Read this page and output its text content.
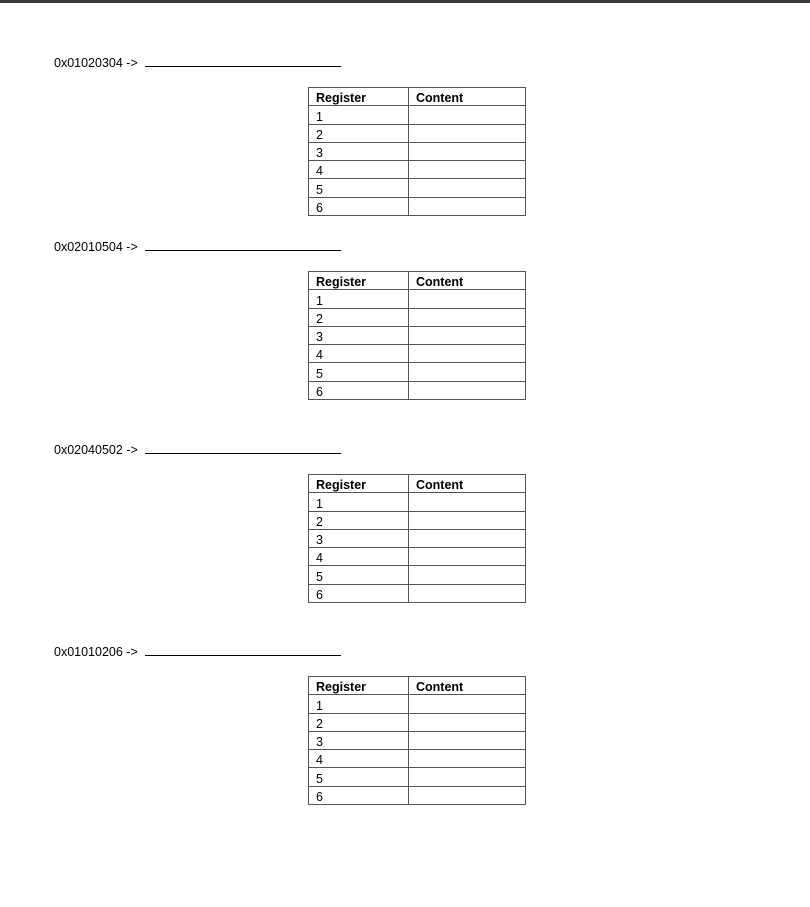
0x01020304 ->
Register	Content
1	
2	
3	
4	
5	
6	
0x02010504 ->
Register	Content
1	
2	
3	
4	
5	
6	
0x02040502 ->
Register	Content
1	
2	
3	
4	
5	
6	
0x01010206 ->
Register	Content
1	
2	
3	
4	
5	
6	
